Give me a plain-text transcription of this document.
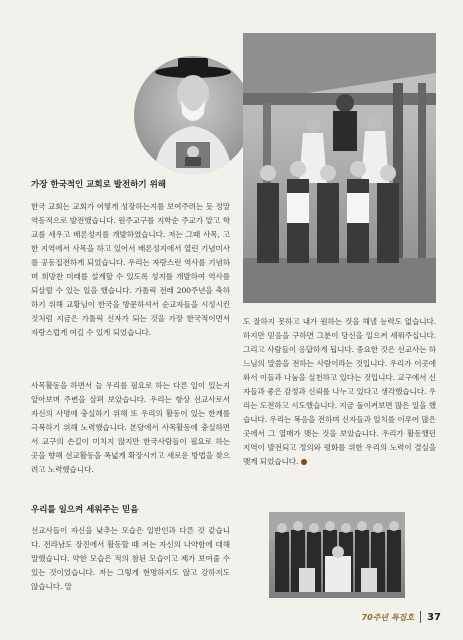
가장 한국적인 교회로 발전하기 위해

한국 교회는 교회가 어떻게 성장하는지를 보여주려는 듯 정말 역동적으로 발전했습니다. 원주교구를 지학순 주교가 맡고 학교를 세우고 배론성지를 개발하였습니다. 저는 그때 사목, 고한 지역에서 사목을 하고 있어서 배론성지에서 열린 기념미사를 공동집전하게 되었습니다. 우리는 자랑스런 역사를 기념하며 희망찬 미래를 설계할 수 있도록 성지를 개발하여 역사를 되살릴 수 있는 일을 했습니다. 가톨릭 전래 200주년을 축하하기 위해 교황님이 한국을 방문하셔서 순교자들을 시성시킨 것처럼 지금은 가톨릭 신자가 되는 것을 가장 한국적이면서 자랑스럽게 여길 수 있게 되었습니다.

사목활동을 하면서 늘 우리를 필요로 하는 다른 일이 있는지 알아보며 주변을 살펴 보았습니다. 우리는 항상 선교사로서 자신의 사명에 충실하기 위해 또 우리의 활동이 있는 한계를 극복하기 위해 노력했습니다. 본당에서 사목활동에 충실하면서 교구의 손길이 미치지 않지만 한국사람들이 필요로 하는 곳을 향해 선교활동을 폭넓게 확장시키고 새로운 방법을 찾으려고 노력했습니다.

우리를 일으켜 세워주는 믿음

선교사들이 자신을 낮추는 모습은 일반인과 다른 것 같습니다. 전라남도 장진에서 활동할 때 저는 자신의 나약함에 대해 말했습니다. 약한 모습은 적의 참된 모습이고 제가 보여줄 수 있는 것이었습니다. 저는 그렇게 현명하지도 않고 강하지도 않습니다. 말

도 잘하지 못하고 내가 원하는 것을 해낼 능력도 없습니다. 하지만 믿음을 구하면 그분이 당신을 일으켜 세워주십니다. 그리고 사람들이 응답하게 됩니다. 중요한 것은 선교사는 하느님의 말씀을 전하는 사람이라는 것입니다. 우리가 이곳에 와서 이들과 나눔을 실천하고 있다는 것입니다. 교구에서 신자들과 좋은 감정과 신뢰를 나누고 있다고 생각했습니다. 우리는 도전하고 시도했습니다. 지금 돌이켜보면 많은 일을 했습니다. 우리는 복음을 전하며 신자들과 일치를 이루어 많은 곳에서 그 열매가 맺는 것을 보았습니다. 우리가 활동했던 지역이 발전되고 정의와 평화를 위한 우리의 노력이 결실을 맺게 되었습니다.

70주년 특집호 37
